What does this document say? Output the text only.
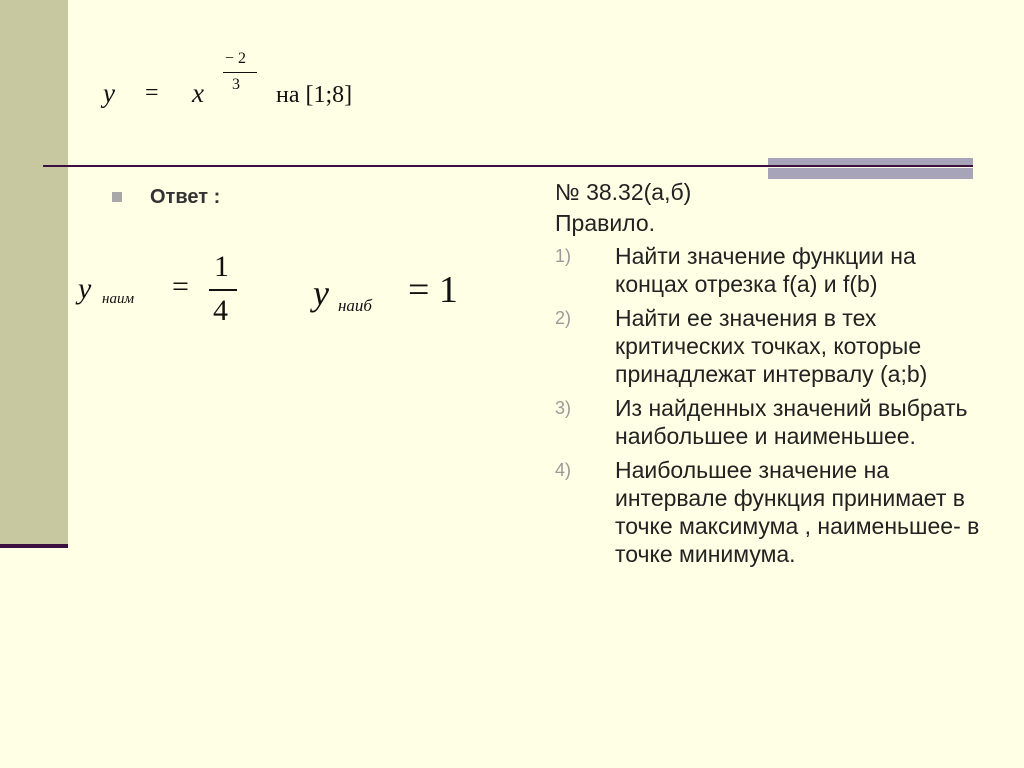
y = x
− 2
3 на [1;8]
Ответ :
y наим =
1
4 y наиб = 1
№ 38.32(а,б)
Правило.
1) Найти значение функции на концах отрезка f(a) и f(b)
2) Найти ее значения в тех критических точках, которые принадлежат интервалу (a;b)
3) Из найденных значений выбрать наибольшее и наименьшее.
4) Наибольшее значение на интервале функция принимает в точке максимума , наименьшее- в точке минимума.
